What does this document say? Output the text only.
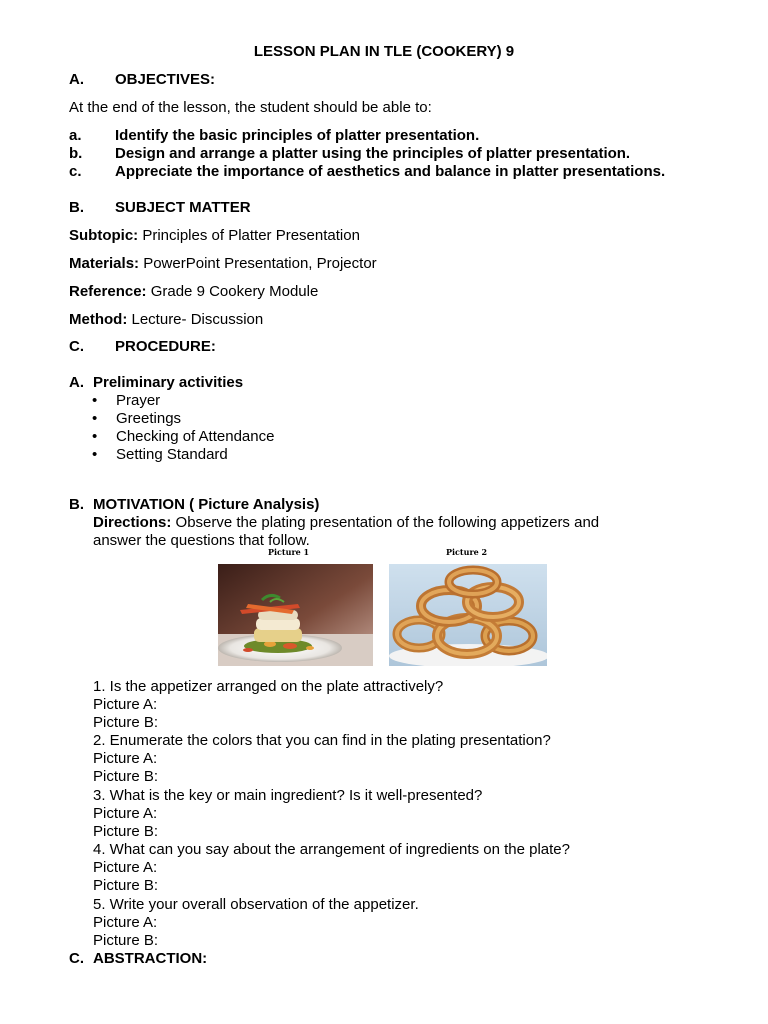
LESSON PLAN IN TLE (COOKERY) 9
A. OBJECTIVES:
At the end of the lesson, the student should be able to:
a. Identify the basic principles of platter presentation.
b. Design and arrange a platter using the principles of platter presentation.
c. Appreciate the importance of aesthetics and balance in platter presentations.
B. SUBJECT MATTER
Subtopic: Principles of Platter Presentation
Materials: PowerPoint Presentation, Projector
Reference: Grade 9 Cookery Module
Method: Lecture- Discussion
C. PROCEDURE:
A. Preliminary activities
• Prayer
• Greetings
• Checking of Attendance
• Setting Standard
B. MOTIVATION ( Picture Analysis)
Directions: Observe the plating presentation of the following appetizers and
answer the questions that follow.
Picture 1	Picture 2
1. Is the appetizer arranged on the plate attractively?
Picture A:
Picture B:
2. Enumerate the colors that you can find in the plating presentation?
Picture A:
Picture B:
3. What is the key or main ingredient? Is it well-presented?
Picture A:
Picture B:
4. What can you say about the arrangement of ingredients on the plate?
Picture A:
Picture B:
5. Write your overall observation of the appetizer.
Picture A:
Picture B:
C. ABSTRACTION:
